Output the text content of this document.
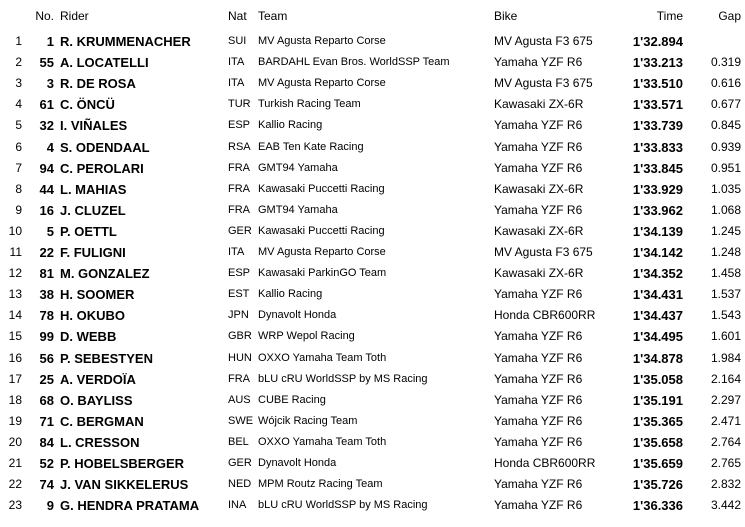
No. Rider	Nat Team	Bike	Time	Gap
1	1 R. KRUMMENACHER	SUI MV Agusta Reparto Corse	MV Agusta F3 675	1'32.894
2	55 A. LOCATELLI	ITA BARDAHL Evan Bros. WorldSSP Team	Yamaha YZF R6	1'33.213	0.319
3	3 R. DE ROSA	ITA MV Agusta Reparto Corse	MV Agusta F3 675	1'33.510	0.616
4	61 C. ÖNCÜ	TUR Turkish Racing Team	Kawasaki ZX-6R	1'33.571	0.677
5	32 I. VIÑALES	ESP Kallio Racing	Yamaha YZF R6	1'33.739	0.845
6	4 S. ODENDAAL	RSA EAB Ten Kate Racing	Yamaha YZF R6	1'33.833	0.939
7	94 C. PEROLARI	FRA GMT94 Yamaha	Yamaha YZF R6	1'33.845	0.951
8	44 L. MAHIAS	FRA Kawasaki Puccetti Racing	Kawasaki ZX-6R	1'33.929	1.035
9	16 J. CLUZEL	FRA GMT94 Yamaha	Yamaha YZF R6	1'33.962	1.068
10	5 P. OETTL	GER Kawasaki Puccetti Racing	Kawasaki ZX-6R	1'34.139	1.245
11	22 F. FULIGNI	ITA MV Agusta Reparto Corse	MV Agusta F3 675	1'34.142	1.248
12	81 M. GONZALEZ	ESP Kawasaki ParkinGO Team	Kawasaki ZX-6R	1'34.352	1.458
13	38 H. SOOMER	EST Kallio Racing	Yamaha YZF R6	1'34.431	1.537
14	78 H. OKUBO	JPN Dynavolt Honda	Honda CBR600RR	1'34.437	1.543
15	99 D. WEBB	GBR WRP Wepol Racing	Yamaha YZF R6	1'34.495	1.601
16	56 P. SEBESTYEN	HUN OXXO Yamaha Team Toth	Yamaha YZF R6	1'34.878	1.984
17	25 A. VERDOÏA	FRA bLU cRU WorldSSP by MS Racing	Yamaha YZF R6	1'35.058	2.164
18	68 O. BAYLISS	AUS CUBE Racing	Yamaha YZF R6	1'35.191	2.297
19	71 C. BERGMAN	SWE Wójcik Racing Team	Yamaha YZF R6	1'35.365	2.471
20	84 L. CRESSON	BEL OXXO Yamaha Team Toth	Yamaha YZF R6	1'35.658	2.764
21	52 P. HOBELSBERGER	GER Dynavolt Honda	Honda CBR600RR	1'35.659	2.765
22	74 J. VAN SIKKELERUS	NED MPM Routz Racing Team	Yamaha YZF R6	1'35.726	2.832
23	9 G. HENDRA PRATAMA	INA bLU cRU WorldSSP by MS Racing	Yamaha YZF R6	1'36.336	3.442
